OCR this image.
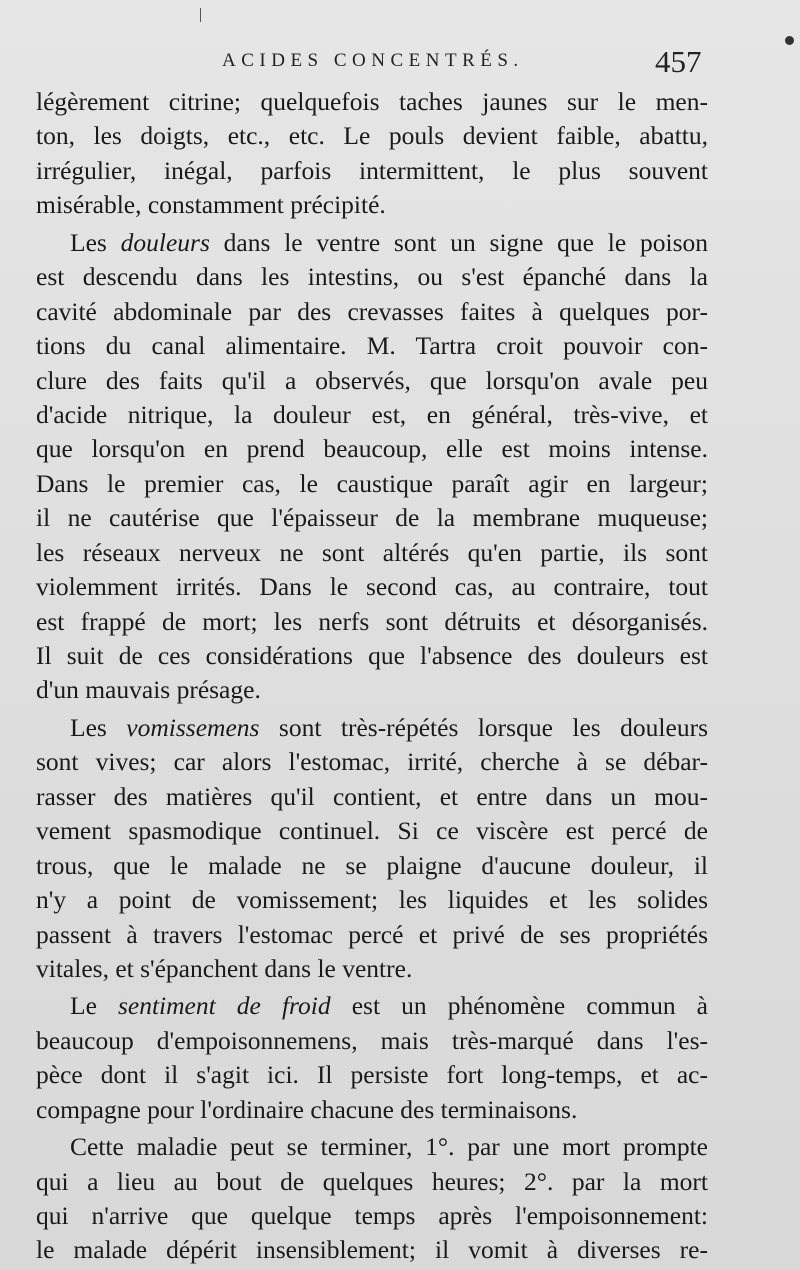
ACIDES CONCENTRÉS.	457
légèrement citrine; quelquefois taches jaunes sur le men-
ton, les doigts, etc., etc. Le pouls devient faible, abattu,
irrégulier, inégal, parfois intermittent, le plus souvent
misérable, constamment précipité.
Les douleurs dans le ventre sont un signe que le poison
est descendu dans les intestins, ou s'est épanché dans la
cavité abdominale par des crevasses faites à quelques por-
tions du canal alimentaire. M. Tartra croit pouvoir con-
clure des faits qu'il a observés, que lorsqu'on avale peu
d'acide nitrique, la douleur est, en général, très-vive, et
que lorsqu'on en prend beaucoup, elle est moins intense.
Dans le premier cas, le caustique paraît agir en largeur;
il ne cautérise que l'épaisseur de la membrane muqueuse;
les réseaux nerveux ne sont altérés qu'en partie, ils sont
violemment irrités. Dans le second cas, au contraire, tout
est frappé de mort; les nerfs sont détruits et désorganisés.
Il suit de ces considérations que l'absence des douleurs est
d'un mauvais présage.
Les vomissemens sont très-répétés lorsque les douleurs
sont vives; car alors l'estomac, irrité, cherche à se débar-
rasser des matières qu'il contient, et entre dans un mou-
vement spasmodique continuel. Si ce viscère est percé de
trous, que le malade ne se plaigne d'aucune douleur, il
n'y a point de vomissement; les liquides et les solides
passent à travers l'estomac percé et privé de ses propriétés
vitales, et s'épanchent dans le ventre.
Le sentiment de froid est un phénomène commun à
beaucoup d'empoisonnemens, mais très-marqué dans l'es-
pèce dont il s'agit ici. Il persiste fort long-temps, et ac-
compagne pour l'ordinaire chacune des terminaisons.
Cette maladie peut se terminer, 1°. par une mort prompte
qui a lieu au bout de quelques heures; 2°. par la mort
qui n'arrive que quelque temps après l'empoisonnement:
le malade dépérit insensiblement; il vomit à diverses re-
